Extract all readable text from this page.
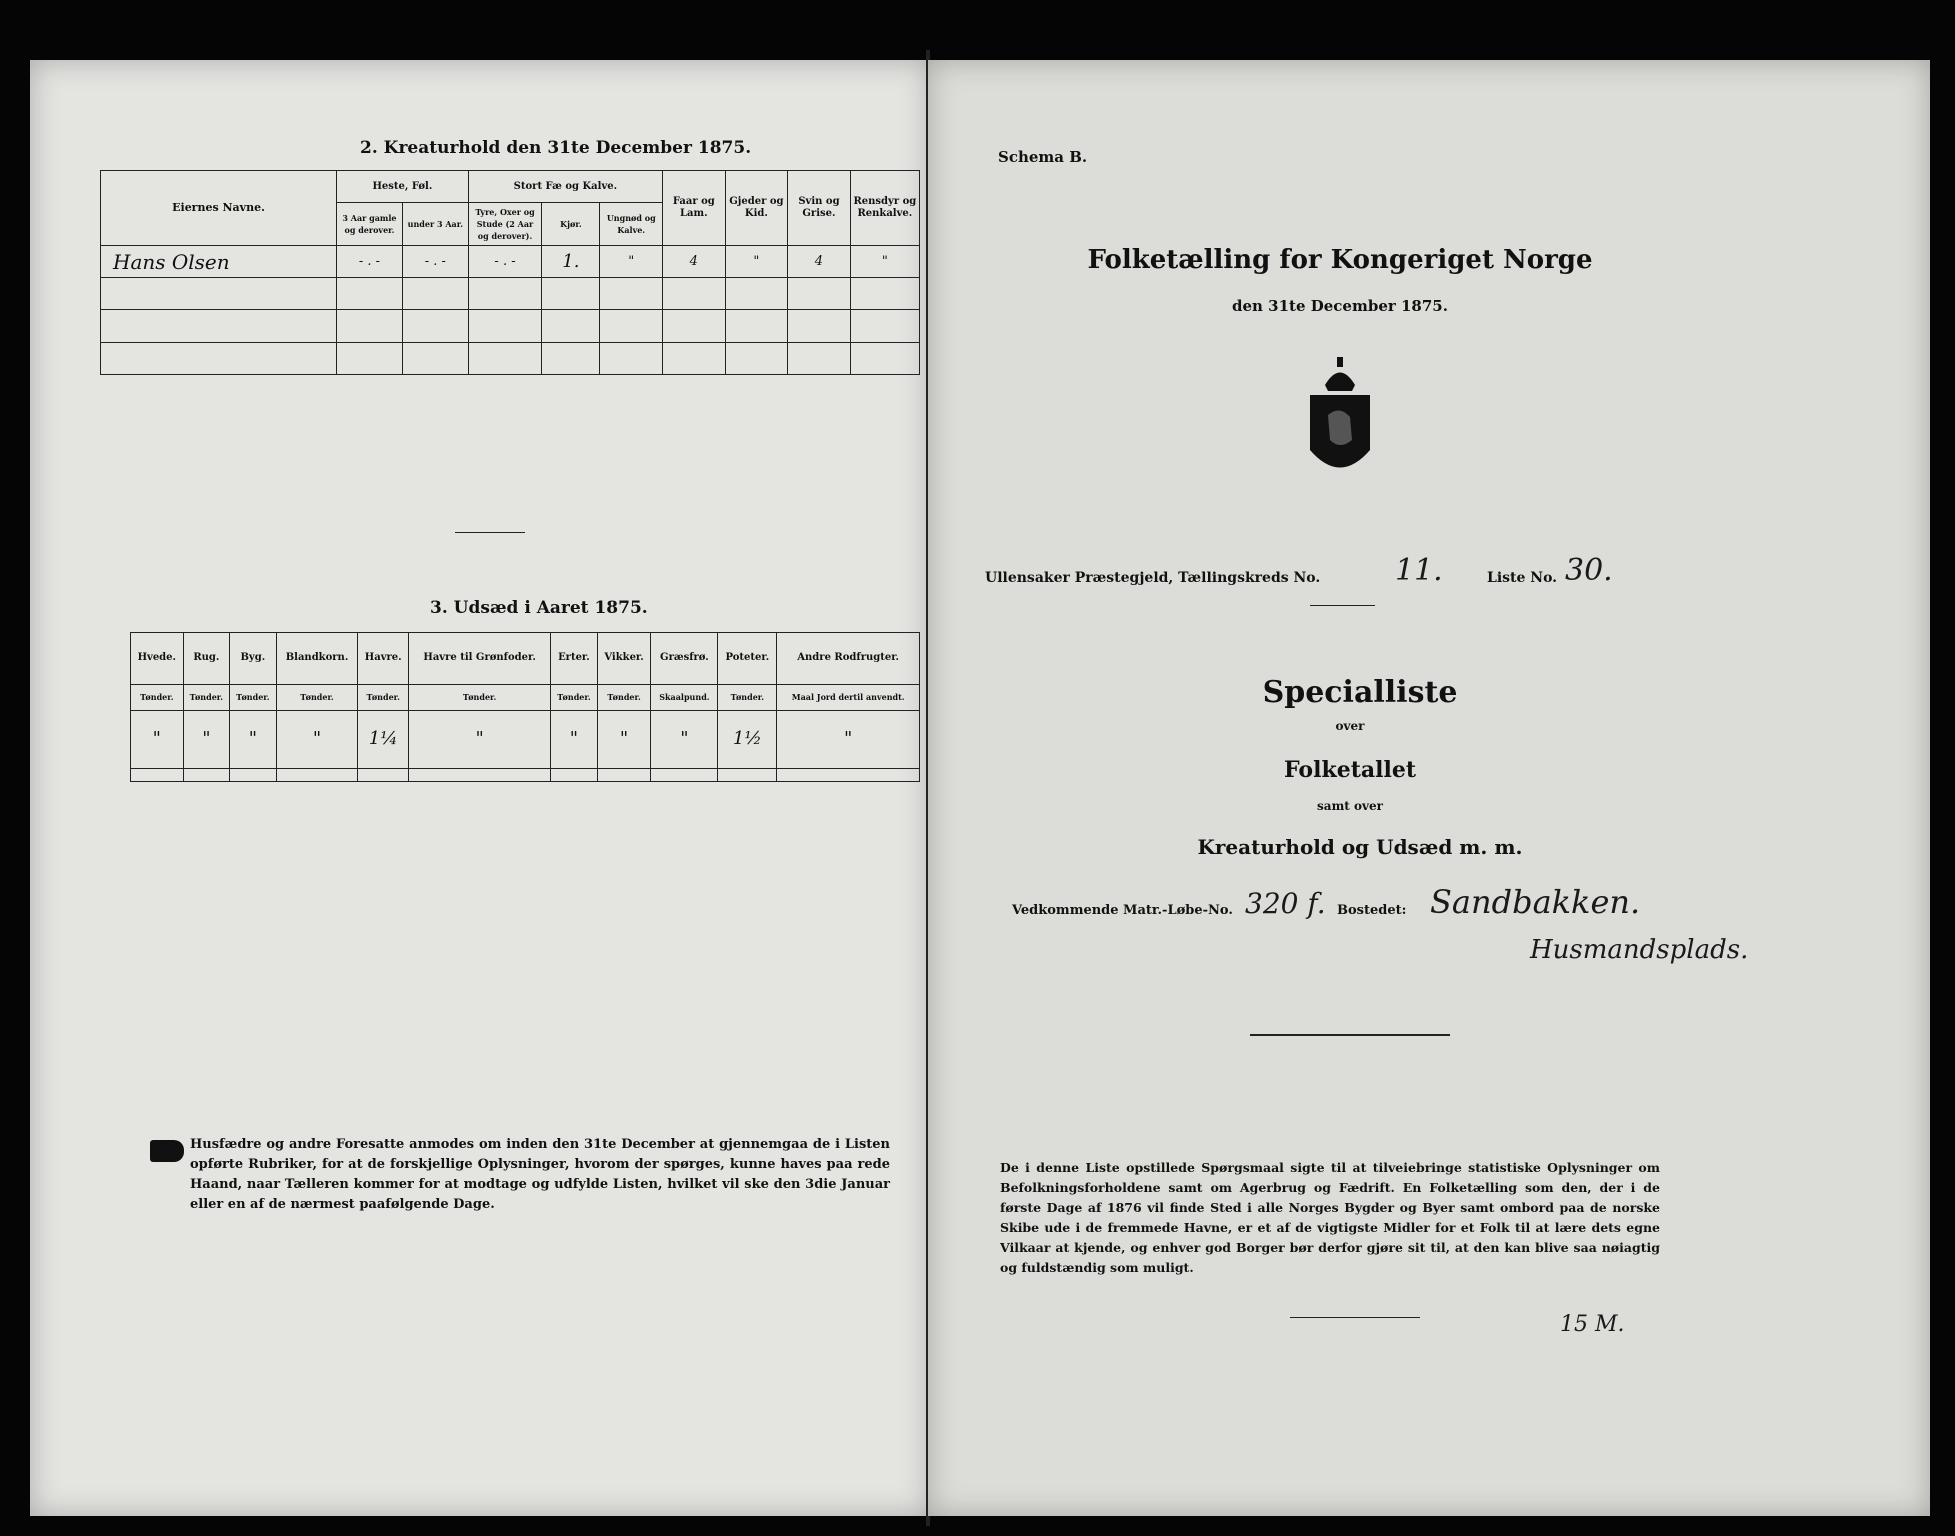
2. Kreaturhold den 31te December 1875.
Eiernes Navne.	Heste, Føl.		Stort Fæ og Kalve.			Faar og Lam.	Gjeder og Kid.	Svin og Grise.	Rensdyr og Renkalve.
	3 Aar gamle og derover.	under 3 Aar.	Tyre, Oxer og Stude (2 Aar og derover).	Kjør.	Ungnød og Kalve.				
Hans Olsen	- . -	- . -	- . -	1.	"	4	"	4	"

3. Udsæd i Aaret 1875.
Hvede.	Rug.	Byg.	Blandkorn.	Havre.	Havre til Grønfoder.	Erter.	Vikker.	Græsfrø.	Poteter.	Andre Rodfrugter.
Tønder.	Tønder.	Tønder.	Tønder.	Tønder.	Tønder.	Tønder.	Tønder.	Skaalpund.	Tønder.	Maal Jord dertil anvendt.
"	"	"	"	1¼	"	"	"	"	1½	"

Husfædre og andre Foresatte anmodes om inden den 31te December at gjennemgaa de i Listen opførte Rubriker, for at de forskjellige Oplysninger, hvorom der spørges, kunne haves paa rede Haand, naar Tælleren kommer for at modtage og udfylde Listen, hvilket vil ske den 3die Januar eller en af de nærmest paafølgende Dage.
Schema B.
Folketælling for Kongeriget Norge
den 31te December 1875.
Ullensaker Præstegjeld, Tællingskreds No. 11.	Liste No. 30.
Specialliste
over
Folketallet
samt over
Kreaturhold og Udsæd m. m.
Vedkommende Matr.-Løbe-No. 320 f. Bostedet: Sandbakken.
Husmandsplads.
De i denne Liste opstillede Spørgsmaal sigte til at tilveiebringe statistiske Oplysninger om Befolkningsforholdene samt om Agerbrug og Fædrift. En Folketælling som den, der i de første Dage af 1876 vil finde Sted i alle Norges Bygder og Byer samt ombord paa de norske Skibe ude i de fremmede Havne, er et af de vigtigste Midler for et Folk til at lære dets egne Vilkaar at kjende, og enhver god Borger bør derfor gjøre sit til, at den kan blive saa nøiagtig og fuldstændig som muligt.
15 M.
